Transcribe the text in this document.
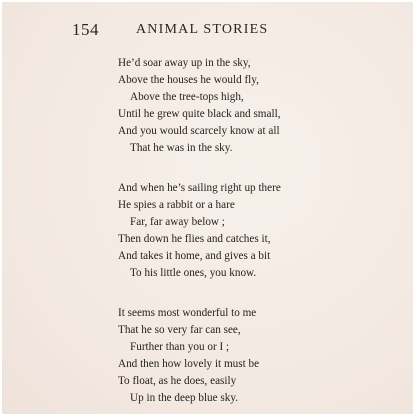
154	ANIMAL STORIES
He’d soar away up in the sky,
Above the houses he would fly,
Above the tree-tops high,
Until he grew quite black and small,
And you would scarcely know at all
That he was in the sky.
And when he’s sailing right up there
He spies a rabbit or a hare
Far, far away below ;
Then down he flies and catches it,
And takes it home, and gives a bit
To his little ones, you know.
It seems most wonderful to me
That he so very far can see,
Further than you or I ;
And then how lovely it must be
To float, as he does, easily
Up in the deep blue sky.
